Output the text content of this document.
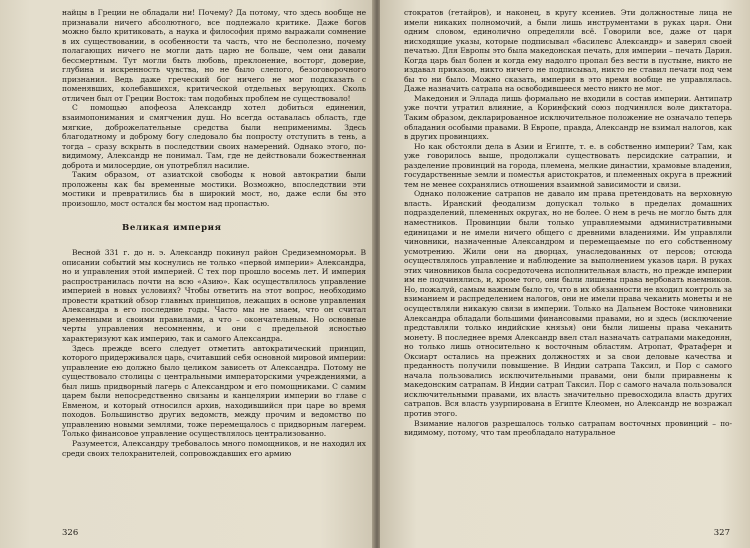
найцы в Греции не обладали ни! Почему? Да потому, что здесь вообще не признавали ничего абсолютного, все подлежало критике. Даже богов можно было критиковать, а наука и философия прямо выражали сомнение в их существовании, в особенности та часть, что не бесполезно, почему полагающих ничего не могли дать царю не больше, чем они давали бессмертным. Тут могли быть любовь, преклонение, восторг, доверие, глубина и искренность чувства, но не было слепого, безоговорочного признания. Ведь даже греческий бог ничего не мог подсказать с поменявших, колебавшихся, критической отдельных верующих. Сколь отличен был от Греции Восток: там подобных проблем не существовало!

С помощью апофеоза Александр хотел добиться единения, взаимопонимания и смягчения душ. Но всегда оставалась область, где мягкие, доброжелательные средства были неприменимы. Здесь благодатному и доброму богу следовало бы попросту отступить в тень, а тогда – сразу вскрыть в последствии своих намерений. Однако этого, по-видимому, Александр не понимал. Там, где не действовали божественная доброта и милосердие, он употреблял насилие.

Таким образом, от азиатской свободы к новой автократии были проложены как бы временные мостики. Возможно, впоследствии эти мостики и превратились бы в широкий мост, но, даже если бы это произошло, мост остался бы мостом над пропастью.

Великая империя

Весной 331 г. до н. э. Александр покинул район Средиземноморья. В описании событий мы коснулись не только «первой империи» Александра, но и управления этой империей. С тех пор прошло восемь лет. И империя распространилась почти на всю «Азию». Как осуществлялось управление империей в новых условиях? Чтобы ответить на этот вопрос, необходимо провести краткий обзор главных принципов, лежащих в основе управления Александра в его последние годы. Часто мы не знаем, что он считал временными и своими правилами, а что – окончательным. Но основные черты управления несомненны, и они с предельной ясностью характеризуют как империю, так и самого Александра.

Здесь прежде всего следует отметить автократический принцип, которого придерживался царь, считавший себя основной мировой империи: управление ею должно было целиком зависеть от Александра. Потому не существовало столицы с центральными императорскими учреждениями, а был лишь придворный лагерь с Александром и его помощниками. С самим царем были непосредственно связаны и канцелярии империи во главе с Евменом, и который относился архив, находившийся при царе во время походов. Большинство других ведомств, между прочим и ведомство по управлению новыми землями, тоже перемещалось с придворным лагерем. Только финансовое управление осуществлялось централизованно.

Разумеется, Александру требовалось много помощников, и не находил их среди своих телохранителей, сопровождавших его армию

326

стократов (гетайров), и наконец, в кругу ксениев. Эти должностные лица не имели никаких полномочий, а были лишь инструментами в руках царя. Они одним словом, единолично определяли всё. Говорили все, даже от царя нисходящие указы, которые подписывал «басилевс Александр» и заверял своей печатью. Для Европы это была македонская печать, для империи – печать Дария. Когда царь был болен и когда ему надолго пропал без вести в пустыне, никто не издавал приказов, никто ничего не подписывал, никто не ставил печати под чем бы то ни было. Можно сказать, империя в это время вообще не управлялась. Даже назначить сатрапа на освободившееся место никто не мог.

Македония и Эллада лишь формально не входили в состав империи. Антипатр уже почти утратил влияние, а Коринфский союз подчинялся воле диктатора. Таким образом, декларированное исключительное положение не означало теперь обладания особыми правами. В Европе, правда, Александр не взимал налогов, как в других провинциях.

Но как обстояли дела в Азии и Египте, т. е. в собственно империи? Там, как уже говорилось выше, продолжали существовать персидские сатрапии, и разделение провинций на города, племена, мелкие династии, храмовые владения, государственные земли и поместья аристократов, и племенных округа в прежний тем не менее сохранялись отношения взаимной зависимости и связи.

Однако положение сатрапов не давало им права претендовать на верховную власть. Иранский феодализм допускал только в пределах домашних подразделений, племенных округах, но не более. О нем в речь не могло быть для наместников. Провинции были только управляемыми административными единицами и не имели ничего общего с древними владениями. Им управляли чиновники, назначенные Александром и перемещаемые по его собственному усмотрению. Жили они на дворцах, унаследованных от персов; отсюда осуществлялось управление и наблюдение за выполнением указов царя. В руках этих чиновников была сосредоточена исполнительная власть, но прежде империи им не подчинялись, и, кроме того, они были лишены права вербовать наемников. Но, пожалуй, самым важным было то, что в их обязанности не входил контроль за взиманием и распределением налогов, они не имели права чеканить монеты и не осуществляли никакую связи в империи. Только на Дальнем Востоке чиновники Александра обладали большими финансовыми правами, но и здесь (исключение представляли только индийские князья) они были лишены права чеканить монету. В последнее время Александр ввел стал назначать сатрапами македонян, но только лишь относительно к восточным областям. Атропат, Фратаферн и Оксиарт остались на прежних должностях и за свои деловые качества и преданность получили повышение. В Индии сатрапа Таксил, и Пор с самого начала пользовались исключительными правами, они были приравнены к македонским сатрапам. В Индии сатрап Таксил. Пор с самого начала пользовался исключительными правами, их власть значительно превосходила власть других сатрапов. Вся власть узурпирована в Египте Клеомен, но Александр не возражал против этого.

Взимание налогов разрешалось только сатрапам восточных провинций – по-видимому, потому, что там преобладало натуральное

327
